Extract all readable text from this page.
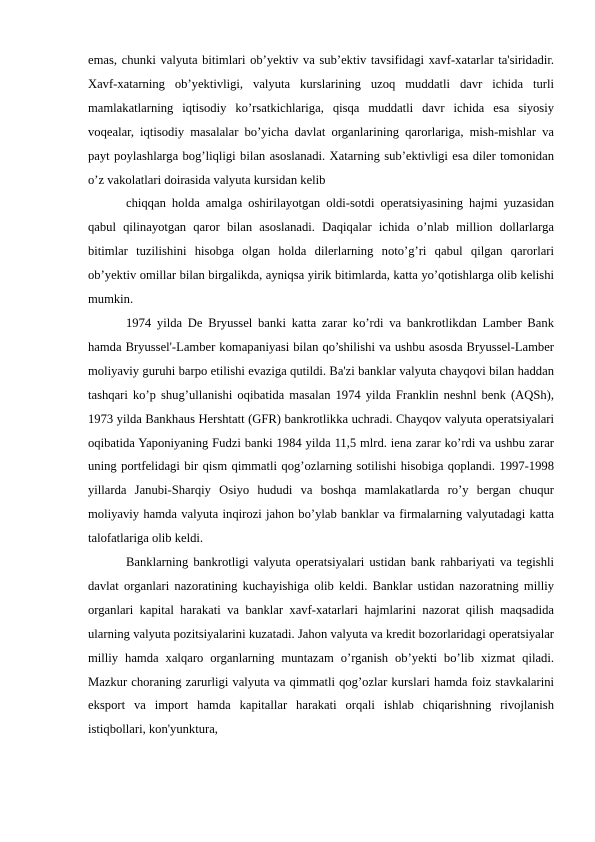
emas, chunki valyuta bitimlari ob’yektiv va sub’ektiv tavsifidagi xavf-xatarlar ta'siridadir. Xavf-xatarning ob’yektivligi, valyuta kurslarining uzoq muddatli davr ichida turli mamlakatlarning iqtisodiy ko’rsatkichlariga, qisqa muddatli davr ichida esa siyosiy voqealar, iqtisodiy masalalar bo’yicha davlat organlarining qarorlariga, mish-mishlar va payt poylashlarga bog’liqligi bilan asoslanadi. Xatarning sub’ektivligi esa diler tomonidan o’z vakolatlari doirasida valyuta kursidan kelib

chiqqan holda amalga oshirilayotgan oldi-sotdi operatsiyasining hajmi yuzasidan qabul qilinayotgan qaror bilan asoslanadi. Daqiqalar ichida o’nlab million dollarlarga bitimlar tuzilishini hisobga olgan holda dilerlarning noto’g’ri qabul qilgan qarorlari ob’yektiv omillar bilan birgalikda, ayniqsa yirik bitimlarda, katta yo’qotishlarga olib kelishi mumkin.

1974 yilda De Bryussel banki katta zarar ko’rdi va bankrotlikdan Lamber Bank hamda Bryussel'-Lamber komapaniyasi bilan qo’shilishi va ushbu asosda Bryussel-Lamber moliyaviy guruhi barpo etilishi evaziga qutildi. Ba'zi banklar valyuta chayqovi bilan haddan tashqari ko’p shug’ullanishi oqibatida masalan 1974 yilda Franklin neshnl benk (AQSh), 1973 yilda Bankhaus Hershtatt (GFR) bankrotlikka uchradi. Chayqov valyuta operatsiyalari oqibatida Yaponiyaning Fudzi banki 1984 yilda 11,5 mlrd. iena zarar ko’rdi va ushbu zarar uning portfelidagi bir qism qimmatli qog’ozlarning sotilishi hisobiga qoplandi. 1997-1998 yillarda Janubi-Sharqiy Osiyo hududi va boshqa mamlakatlarda ro’y bergan chuqur moliyaviy hamda valyuta inqirozi jahon bo’ylab banklar va firmalarning valyutadagi katta talofatlariga olib keldi.

Banklarning bankrotligi valyuta operatsiyalari ustidan bank rahbariyati va tegishli davlat organlari nazoratining kuchayishiga olib keldi. Banklar ustidan nazoratning milliy organlari kapital harakati va banklar xavf-xatarlari hajmlarini nazorat qilish maqsadida ularning valyuta pozitsiyalarini kuzatadi. Jahon valyuta va kredit bozorlaridagi operatsiyalar milliy hamda xalqaro organlarning muntazam o’rganish ob’yekti bo’lib xizmat qiladi. Mazkur choraning zarurligi valyuta va qimmatli qog’ozlar kurslari hamda foiz stavkalarini eksport va import hamda kapitallar harakati orqali ishlab chiqarishning rivojlanish istiqbollari, kon'yunktura,
